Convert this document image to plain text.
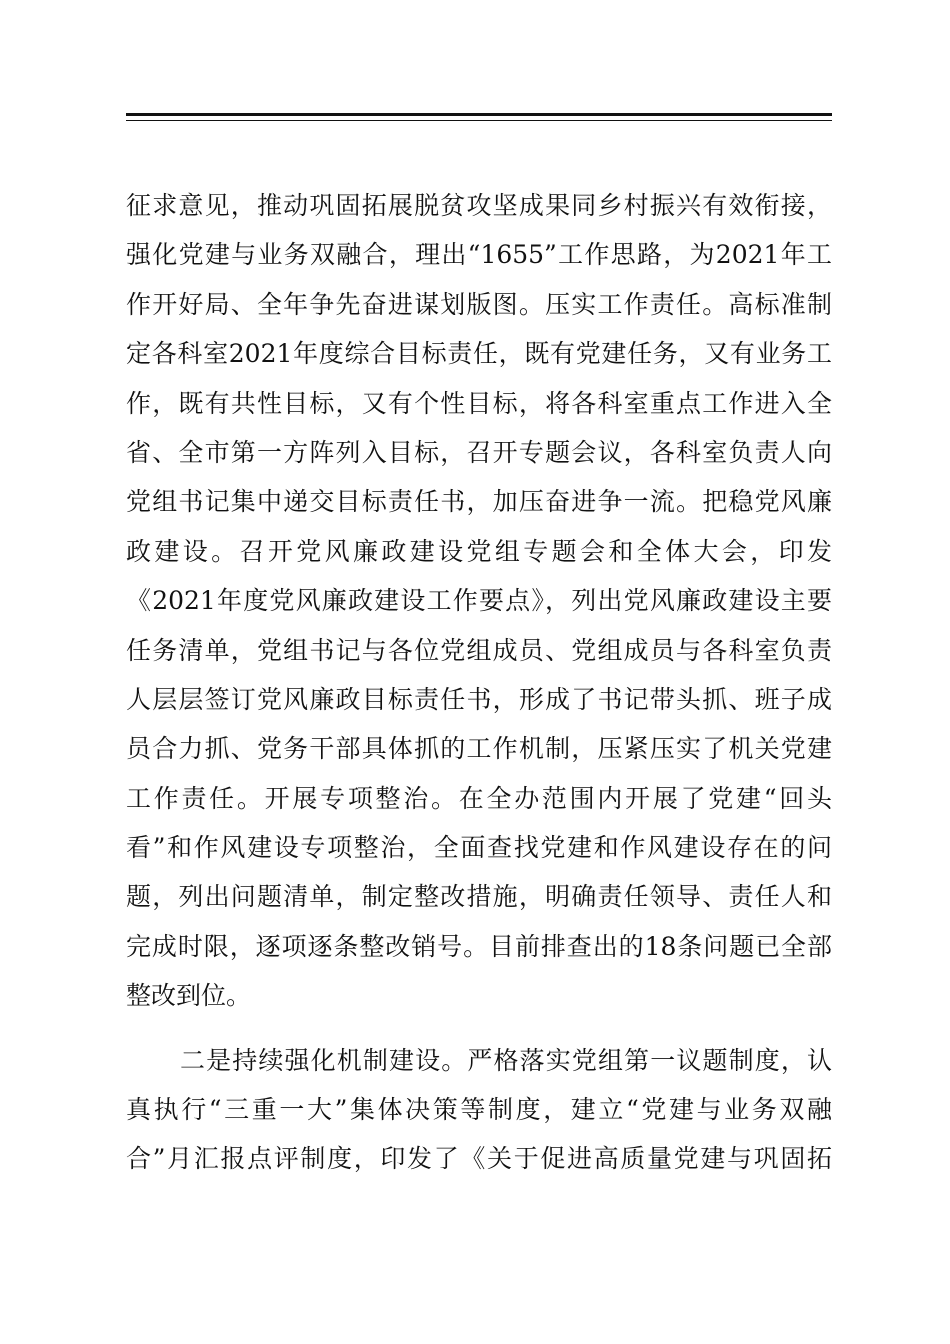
征求意见，推动巩固拓展脱贫攻坚成果同乡村振兴有效衔接，
强化党建与业务双融合，理出“1655”工作思路，为2021年工
作开好局、全年争先奋进谋划版图。压实工作责任。高标准制
定各科室2021年度综合目标责任，既有党建任务，又有业务工
作，既有共性目标，又有个性目标，将各科室重点工作进入全
省、全市第一方阵列入目标，召开专题会议，各科室负责人向
党组书记集中递交目标责任书，加压奋进争一流。把稳党风廉
政建设。召开党风廉政建设党组专题会和全体大会，印发
《2021年度党风廉政建设工作要点》，列出党风廉政建设主要
任务清单，党组书记与各位党组成员、党组成员与各科室负责
人层层签订党风廉政目标责任书，形成了书记带头抓、班子成
员合力抓、党务干部具体抓的工作机制，压紧压实了机关党建
工作责任。开展专项整治。在全办范围内开展了党建“回头
看”和作风建设专项整治，全面查找党建和作风建设存在的问
题，列出问题清单，制定整改措施，明确责任领导、责任人和
完成时限，逐项逐条整改销号。目前排查出的18条问题已全部
整改到位。
二是持续强化机制建设。严格落实党组第一议题制度，认
真执行“三重一大”集体决策等制度，建立“党建与业务双融
合”月汇报点评制度，印发了《关于促进高质量党建与巩固拓
